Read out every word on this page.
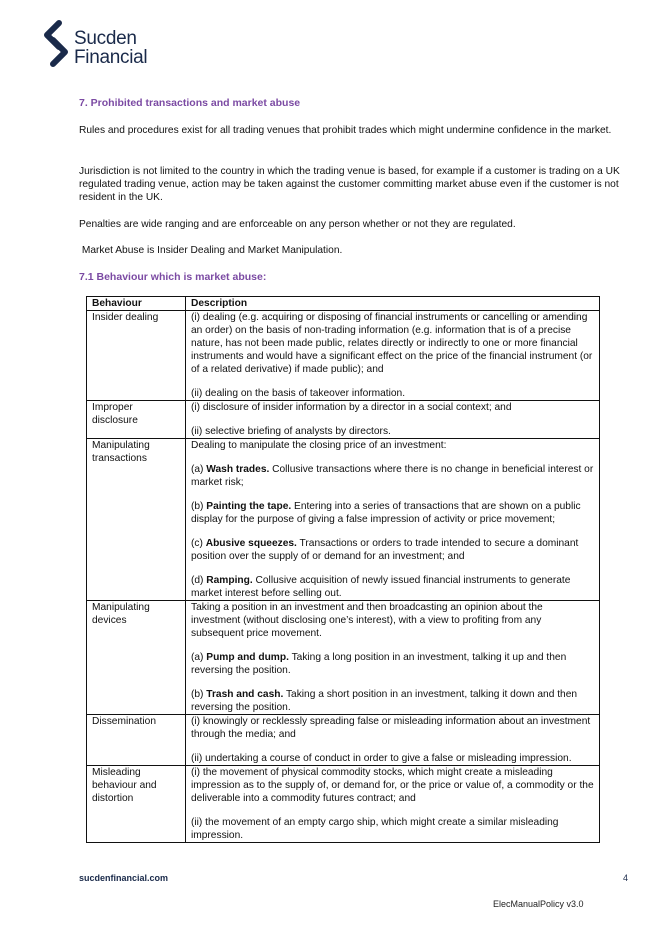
Sucden
Financial
7. Prohibited transactions and market abuse
Rules and procedures exist for all trading venues that prohibit trades which might undermine confidence in the market.
Jurisdiction is not limited to the country in which the trading venue is based, for example if a customer is trading on a UK regulated trading venue, action may be taken against the customer committing market abuse even if the customer is not resident in the UK.
Penalties are wide ranging and are enforceable on any person whether or not they are regulated.
Market Abuse is Insider Dealing and Market Manipulation.
7.1 Behaviour which is market abuse:
Behaviour	Description
Insider dealing	(i) dealing (e.g. acquiring or disposing of financial instruments or cancelling or amending an order) on the basis of non-trading information (e.g. information that is of a precise nature, has not been made public, relates directly or indirectly to one or more financial instruments and would have a significant effect on the price of the financial instrument (or of a related derivative) if made public); and

(ii) dealing on the basis of takeover information.

Improper disclosure	(i) disclosure of insider information by a director in a social context; and

(ii) selective briefing of analysts by directors.

Manipulating transactions	Dealing to manipulate the closing price of an investment:

(a) Wash trades. Collusive transactions where there is no change in beneficial interest or market risk;

(b) Painting the tape. Entering into a series of transactions that are shown on a public display for the purpose of giving a false impression of activity or price movement;

(c) Abusive squeezes. Transactions or orders to trade intended to secure a dominant position over the supply of or demand for an investment; and

(d) Ramping. Collusive acquisition of newly issued financial instruments to generate market interest before selling out.

Manipulating devices	Taking a position in an investment and then broadcasting an opinion about the investment (without disclosing one’s interest), with a view to profiting from any subsequent price movement.

(a) Pump and dump. Taking a long position in an investment, talking it up and then reversing the position.

(b) Trash and cash. Taking a short position in an investment, talking it down and then reversing the position.

Dissemination	(i) knowingly or recklessly spreading false or misleading information about an investment through the media; and

(ii) undertaking a course of conduct in order to give a false or misleading impression.

Misleading behaviour and distortion	(i) the movement of physical commodity stocks, which might create a misleading impression as to the supply of, or demand for, or the price or value of, a commodity or the deliverable into a commodity futures contract; and

(ii) the movement of an empty cargo ship, which might create a similar misleading impression.

sucdenfinancial.com	4
ElecManualPolicy v3.0
